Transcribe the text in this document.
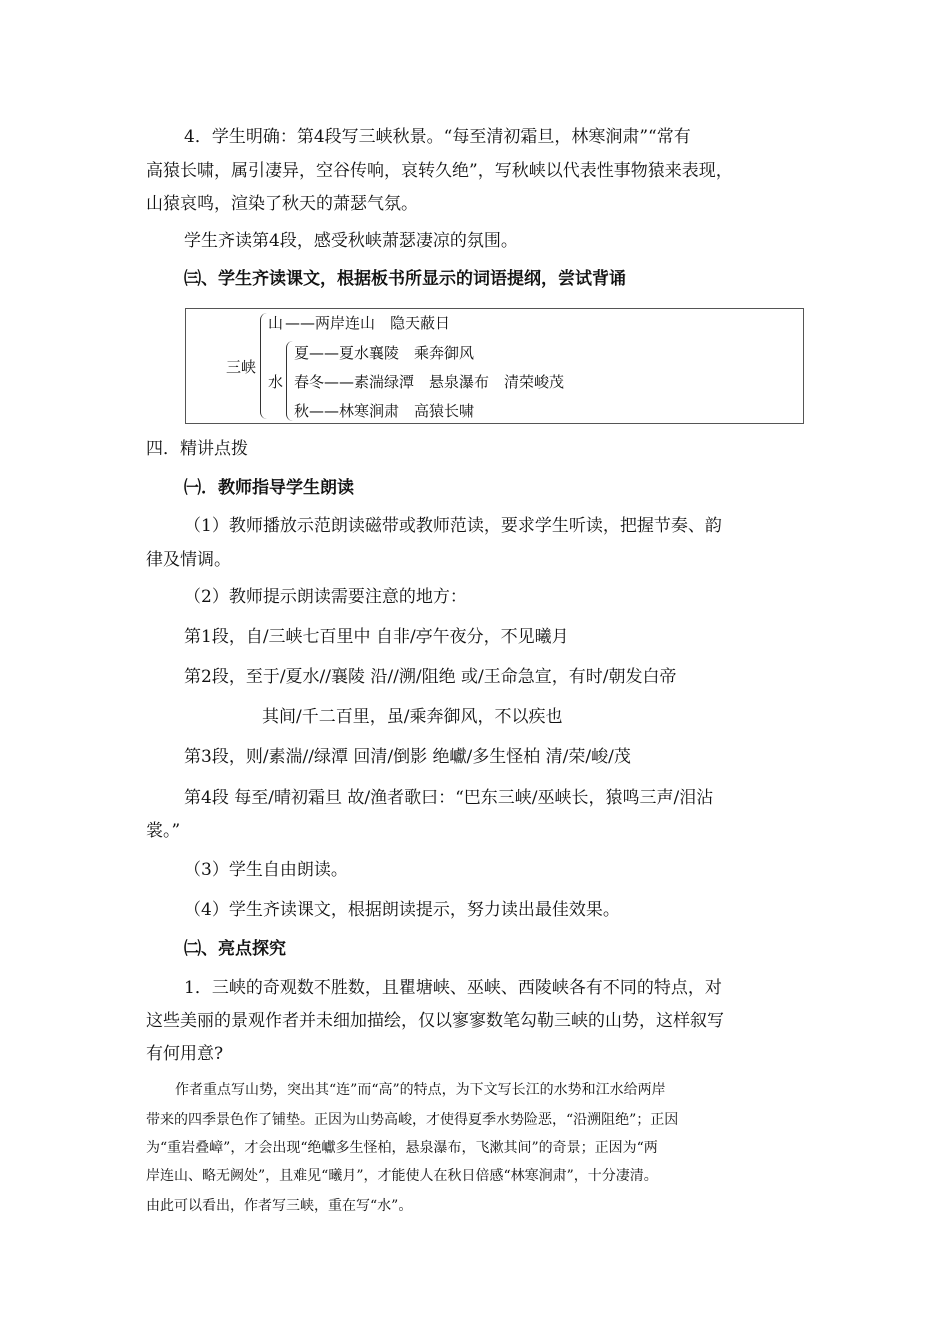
4．学生明确：第4段写三峡秋景。“每至清初霜旦，林寒涧肃”“常有
高猿长啸，属引凄异，空谷传响，哀转久绝”，写秋峡以代表性事物猿来表现，
山猿哀鸣，渲染了秋天的萧瑟气氛。
学生齐读第4段，感受秋峡萧瑟凄凉的氛围。
㈢、学生齐读课文，根据板书所显示的词语提纲，尝试背诵
三峡
山 ——两岸连山　隐天蔽日
水
夏——夏水襄陵　乘奔御风
春冬——素湍绿潭　悬泉瀑布　清荣峻茂
秋——林寒涧肃　高猿长啸
四．精讲点拨
㈠．教师指导学生朗读
（1）教师播放示范朗读磁带或教师范读，要求学生听读，把握节奏、韵
律及情调。
（2）教师提示朗读需要注意的地方：
第1段，自/三峡七百里中 自非/亭午夜分，不见曦月
第2段，至于/夏水//襄陵 沿//溯/阻绝 或/王命急宣，有时/朝发白帝
其间/千二百里，虽/乘奔御风，不以疾也
第3段，则/素湍//绿潭 回清/倒影 绝巘/多生怪柏 清/荣/峻/茂
第4段 每至/晴初霜旦 故/渔者歌曰：“巴东三峡/巫峡长，猿鸣三声/泪沾
裳。”
（3）学生自由朗读。
（4）学生齐读课文，根据朗读提示，努力读出最佳效果。
㈡、亮点探究
1．三峡的奇观数不胜数，且瞿塘峡、巫峡、西陵峡各有不同的特点，对
这些美丽的景观作者并未细加描绘，仅以寥寥数笔勾勒三峡的山势，这样叙写
有何用意?
作者重点写山势，突出其“连”而“高”的特点，为下文写长江的水势和江水给两岸
带来的四季景色作了铺垫。正因为山势高峻，才使得夏季水势险恶，“沿溯阻绝”；正因
为“重岩叠嶂”，才会出现“绝巘多生怪柏，悬泉瀑布，飞漱其间”的奇景；正因为“两
岸连山、略无阙处”，且难见“曦月”，才能使人在秋日倍感“林寒涧肃”，十分凄清。
由此可以看出，作者写三峡，重在写“水”。
